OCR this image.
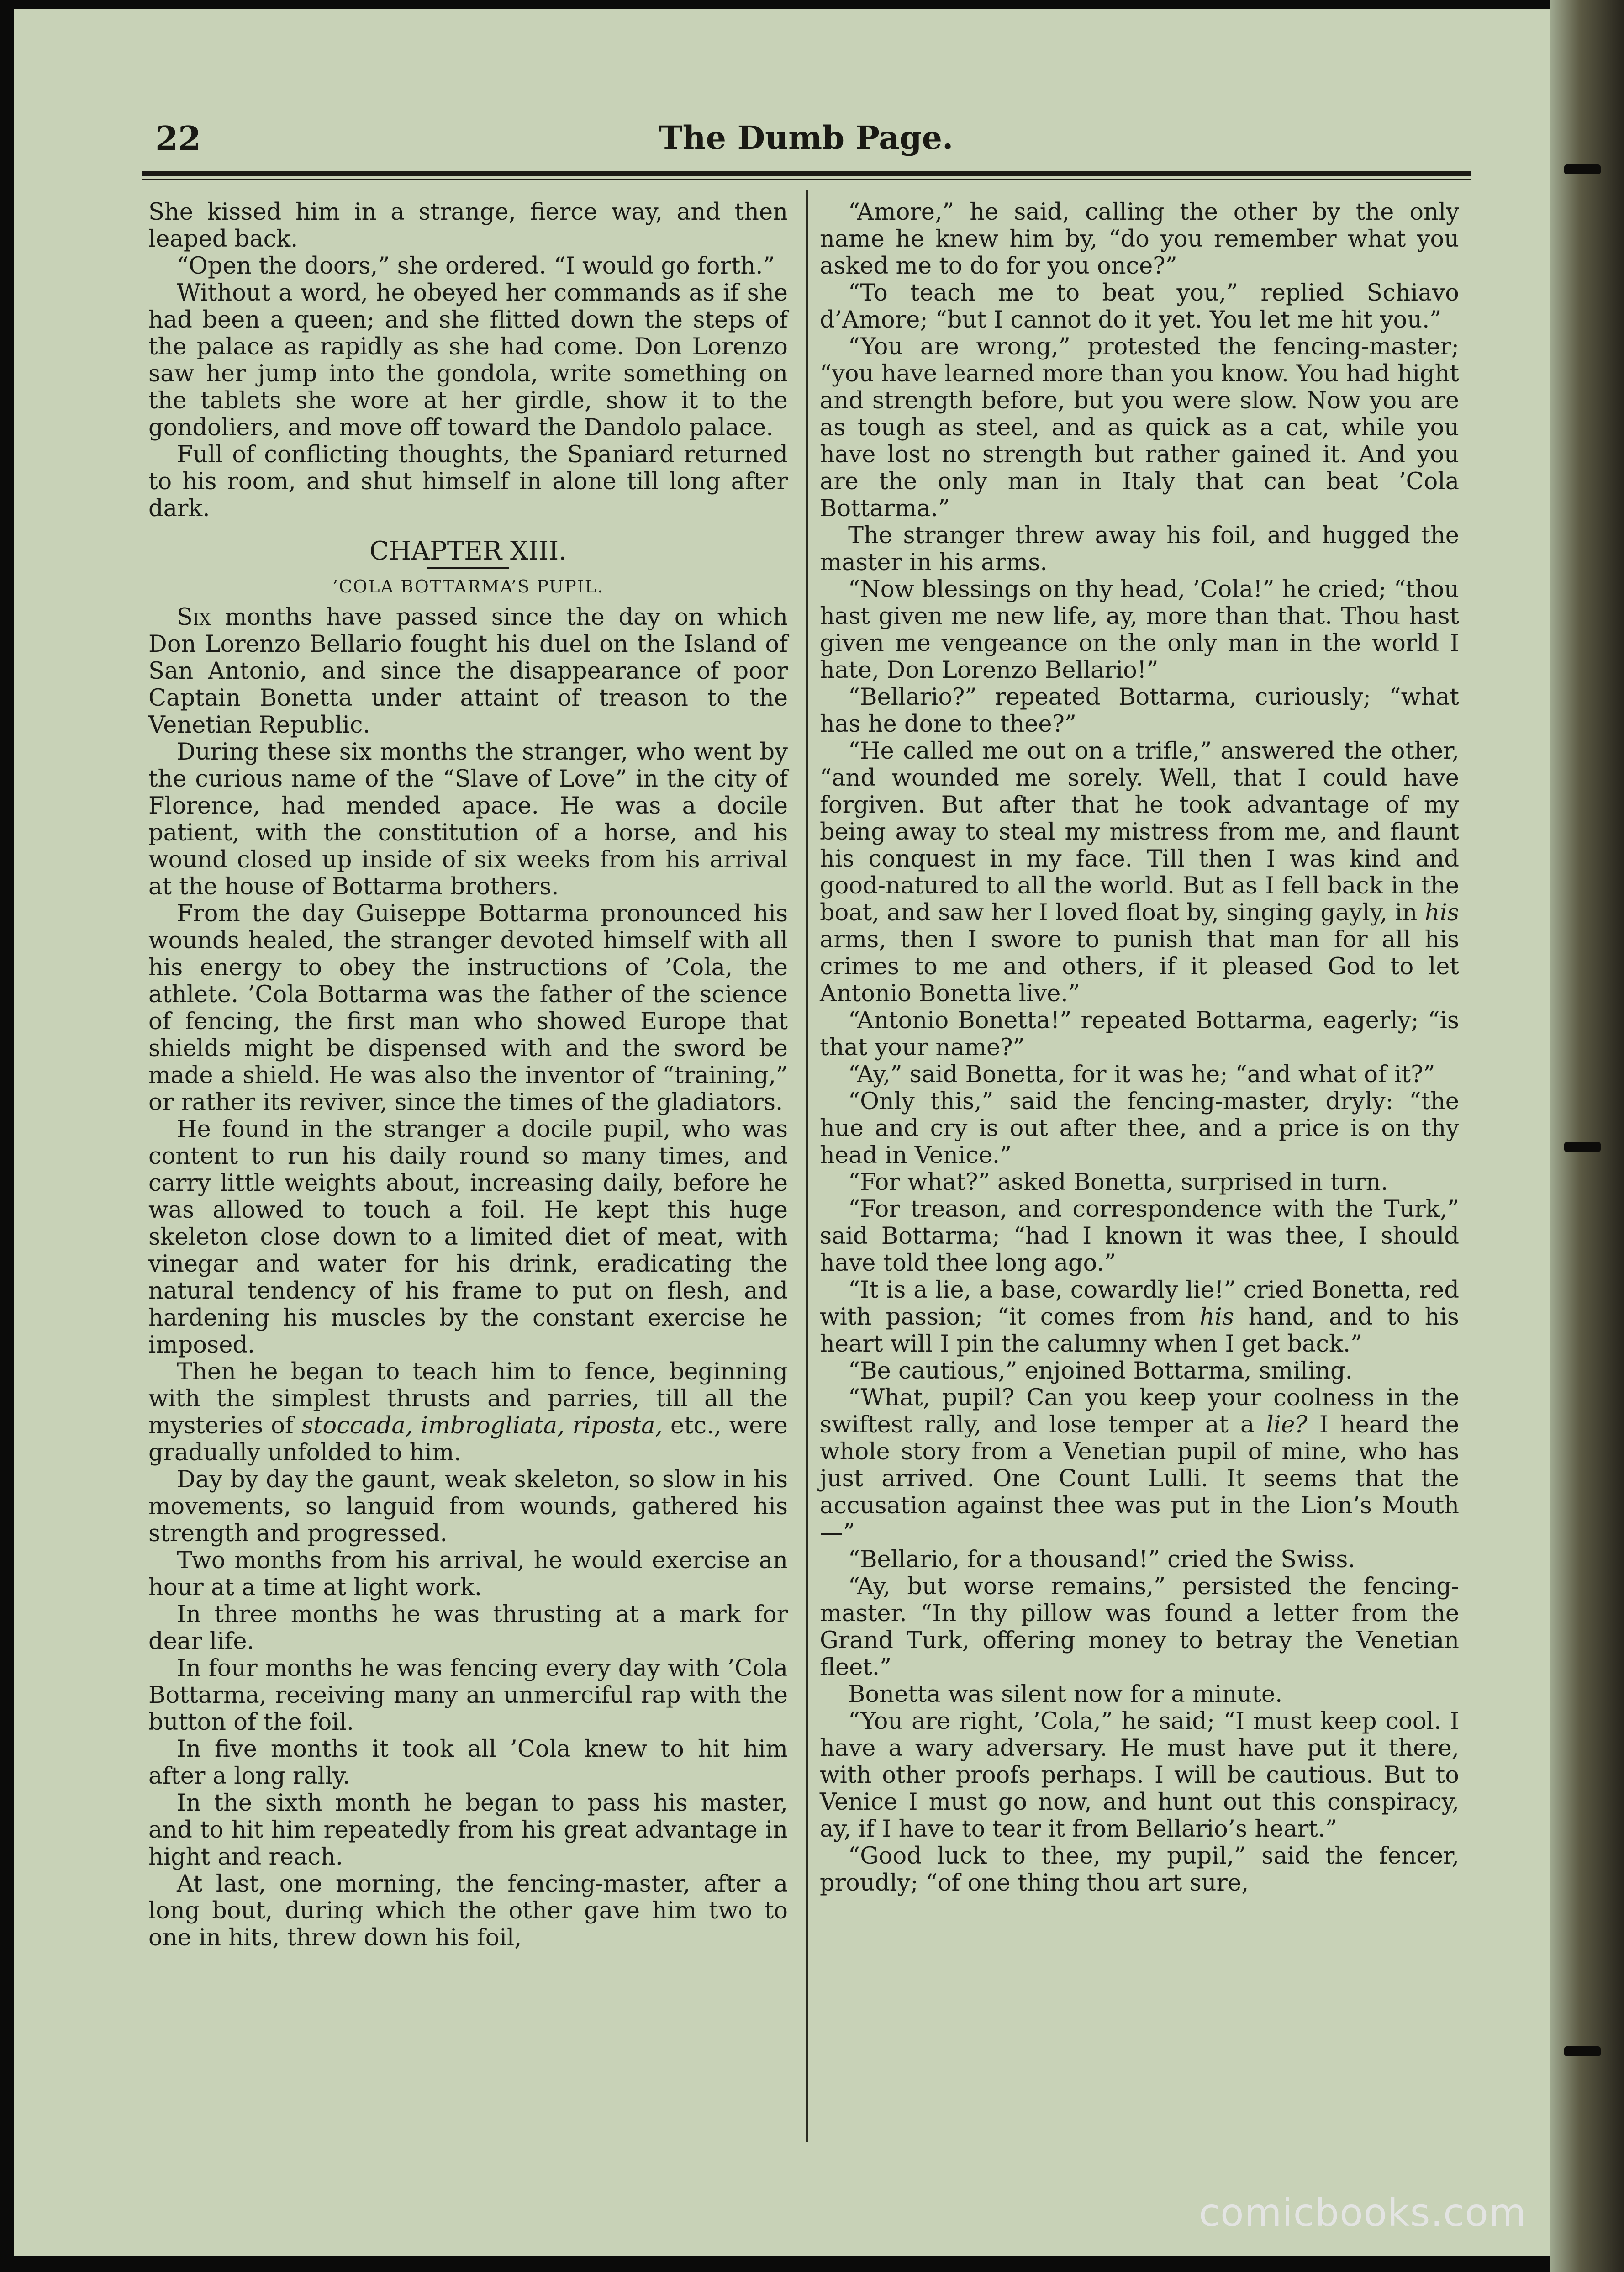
22	The Dumb Page.

She kissed him in a strange, fierce way, and then leaped back.

“Open the doors,” she ordered. “I would go forth.”

Without a word, he obeyed her commands as if she had been a queen; and she flitted down the steps of the palace as rapidly as she had come. Don Lorenzo saw her jump into the gondola, write something on the tablets she wore at her girdle, show it to the gondoliers, and move off toward the Dandolo palace.

Full of conflicting thoughts, the Spaniard returned to his room, and shut himself in alone till long after dark.

CHAPTER XIII.
’COLA BOTTARMA’S PUPIL.

Six months have passed since the day on which Don Lorenzo Bellario fought his duel on the Island of San Antonio, and since the disappearance of poor Captain Bonetta under attaint of treason to the Venetian Republic.

During these six months the stranger, who went by the curious name of the “Slave of Love” in the city of Florence, had mended apace. He was a docile patient, with the constitution of a horse, and his wound closed up inside of six weeks from his arrival at the house of Bottarma brothers.

From the day Guiseppe Bottarma pronounced his wounds healed, the stranger devoted himself with all his energy to obey the instructions of ’Cola, the athlete. ’Cola Bottarma was the father of the science of fencing, the first man who showed Europe that shields might be dispensed with and the sword be made a shield. He was also the inventor of “training,” or rather its reviver, since the times of the gladiators.

He found in the stranger a docile pupil, who was content to run his daily round so many times, and carry little weights about, increasing daily, before he was allowed to touch a foil. He kept this huge skeleton close down to a limited diet of meat, with vinegar and water for his drink, eradicating the natural tendency of his frame to put on flesh, and hardening his muscles by the constant exercise he imposed.

Then he began to teach him to fence, beginning with the simplest thrusts and parries, till all the mysteries of stoccada, imbrogliata, riposta, etc., were gradually unfolded to him.

Day by day the gaunt, weak skeleton, so slow in his movements, so languid from wounds, gathered his strength and progressed.

Two months from his arrival, he would exercise an hour at a time at light work.

In three months he was thrusting at a mark for dear life.

In four months he was fencing every day with ’Cola Bottarma, receiving many an unmerciful rap with the button of the foil.

In five months it took all ’Cola knew to hit him after a long rally.

In the sixth month he began to pass his master, and to hit him repeatedly from his great advantage in hight and reach.

At last, one morning, the fencing-master, after a long bout, during which the other gave him two to one in hits, threw down his foil,

“Amore,” he said, calling the other by the only name he knew him by, “do you remember what you asked me to do for you once?”

“To teach me to beat you,” replied Schiavo d’Amore; “but I cannot do it yet. You let me hit you.”

“You are wrong,” protested the fencing-master; “you have learned more than you know. You had hight and strength before, but you were slow. Now you are as tough as steel, and as quick as a cat, while you have lost no strength but rather gained it. And you are the only man in Italy that can beat ’Cola Bottarma.”

The stranger threw away his foil, and hugged the master in his arms.

“Now blessings on thy head, ’Cola!” he cried; “thou hast given me new life, ay, more than that. Thou hast given me vengeance on the only man in the world I hate, Don Lorenzo Bellario!”

“Bellario?” repeated Bottarma, curiously; “what has he done to thee?”

“He called me out on a trifle,” answered the other, “and wounded me sorely. Well, that I could have forgiven. But after that he took advantage of my being away to steal my mistress from me, and flaunt his conquest in my face. Till then I was kind and good-natured to all the world. But as I fell back in the boat, and saw her I loved float by, singing gayly, in his arms, then I swore to punish that man for all his crimes to me and others, if it pleased God to let Antonio Bonetta live.”

“Antonio Bonetta!” repeated Bottarma, eagerly; “is that your name?”

“Ay,” said Bonetta, for it was he; “and what of it?”

“Only this,” said the fencing-master, dryly: “the hue and cry is out after thee, and a price is on thy head in Venice.”

“For what?” asked Bonetta, surprised in turn.

“For treason, and correspondence with the Turk,” said Bottarma; “had I known it was thee, I should have told thee long ago.”

“It is a lie, a base, cowardly lie!” cried Bonetta, red with passion; “it comes from his hand, and to his heart will I pin the calumny when I get back.”

“Be cautious,” enjoined Bottarma, smiling.

“What, pupil? Can you keep your coolness in the swiftest rally, and lose temper at a lie? I heard the whole story from a Venetian pupil of mine, who has just arrived. One Count Lulli. It seems that the accusation against thee was put in the Lion’s Mouth—”

“Bellario, for a thousand!” cried the Swiss.

“Ay, but worse remains,” persisted the fencing-master. “In thy pillow was found a letter from the Grand Turk, offering money to betray the Venetian fleet.”

Bonetta was silent now for a minute.

“You are right, ’Cola,” he said; “I must keep cool. I have a wary adversary. He must have put it there, with other proofs perhaps. I will be cautious. But to Venice I must go now, and hunt out this conspiracy, ay, if I have to tear it from Bellario’s heart.”

“Good luck to thee, my pupil,” said the fencer, proudly; “of one thing thou art sure,

comicbooks.com
